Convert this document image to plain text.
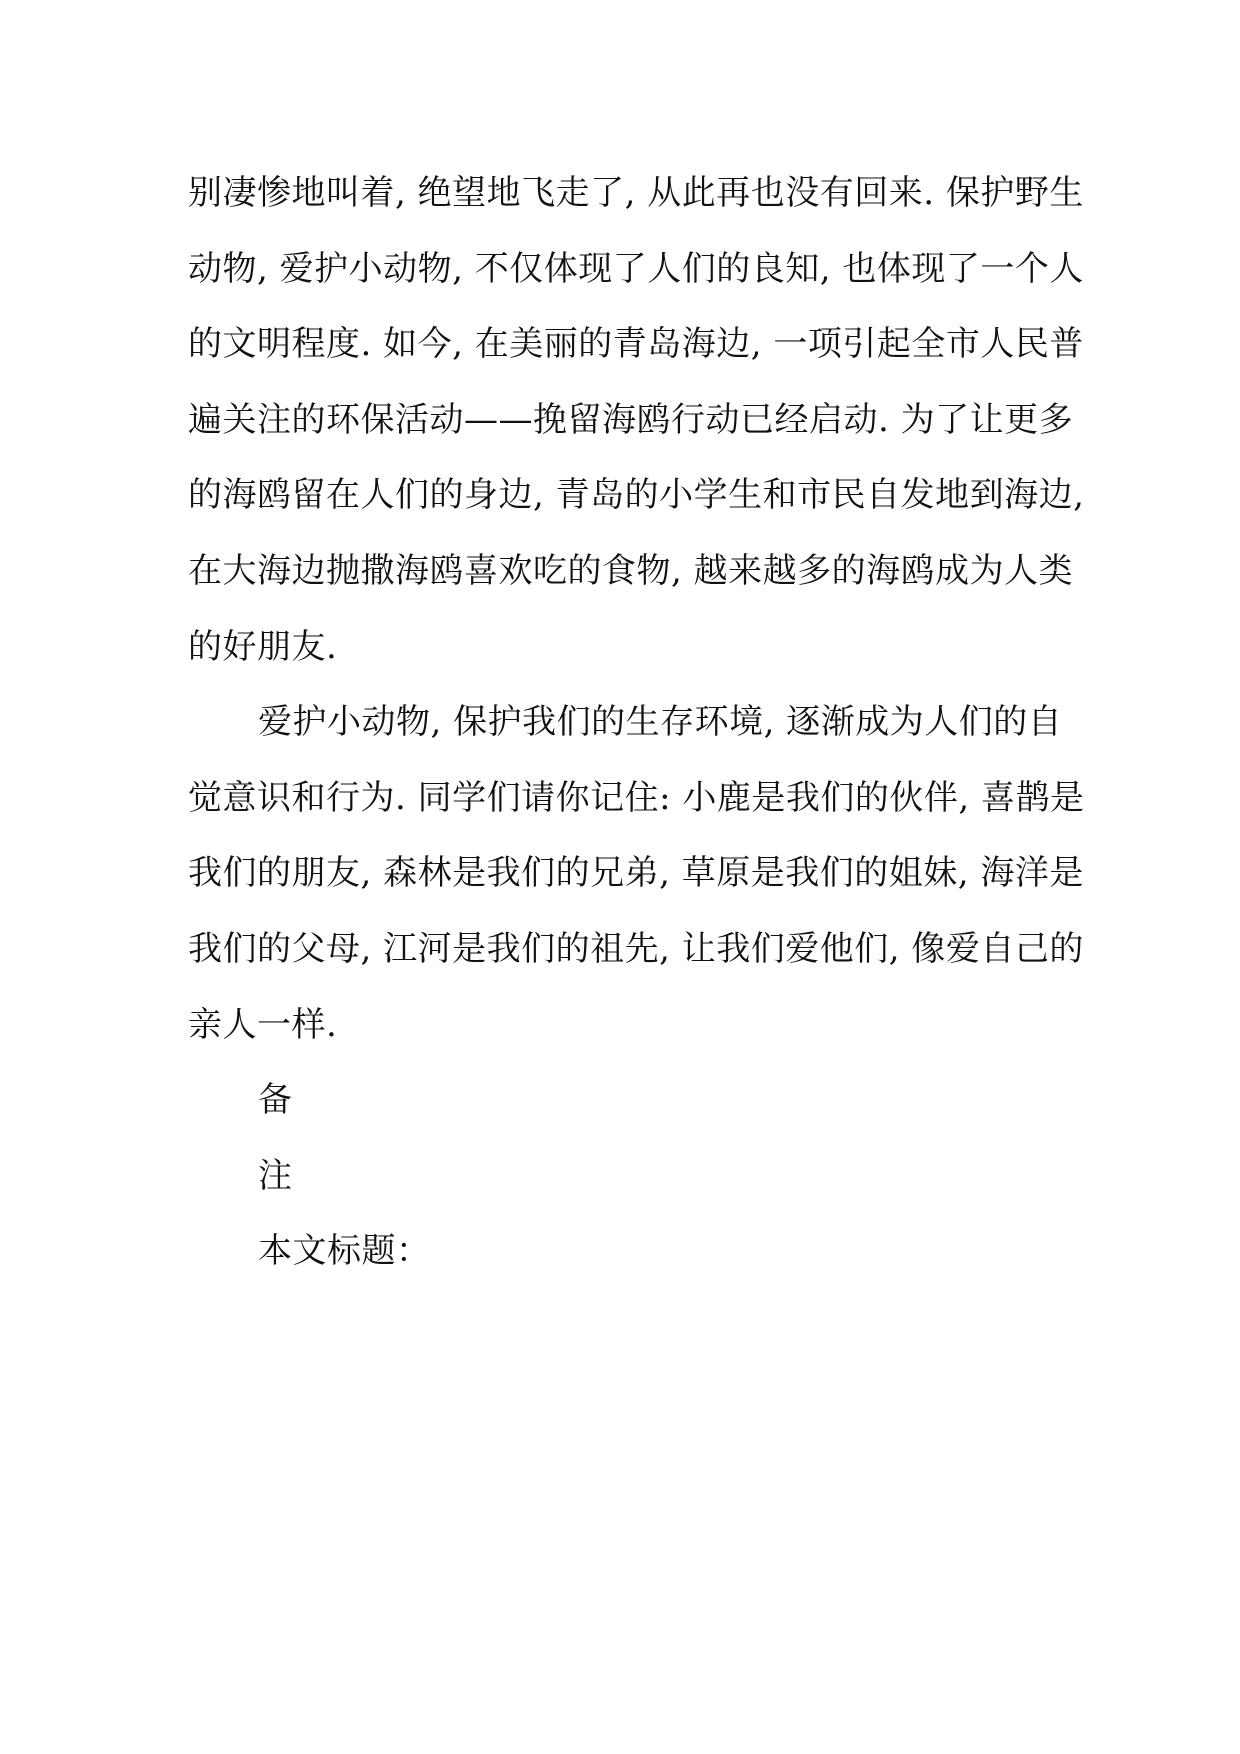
别凄惨地叫着, 绝望地飞走了, 从此再也没有回来. 保护野生
动物, 爱护小动物, 不仅体现了人们的良知, 也体现了一个人
的文明程度. 如今, 在美丽的青岛海边, 一项引起全市人民普
遍关注的环保活动——挽留海鸥行动已经启动. 为了让更多
的海鸥留在人们的身边, 青岛的小学生和市民自发地到海边,
在大海边抛撒海鸥喜欢吃的食物, 越来越多的海鸥成为人类
的好朋友.
爱护小动物, 保护我们的生存环境, 逐渐成为人们的自
觉意识和行为. 同学们请你记住: 小鹿是我们的伙伴, 喜鹊是
我们的朋友, 森林是我们的兄弟, 草原是我们的姐妹, 海洋是
我们的父母, 江河是我们的祖先, 让我们爱他们, 像爱自己的
亲人一样.
备
注
本文标题：
